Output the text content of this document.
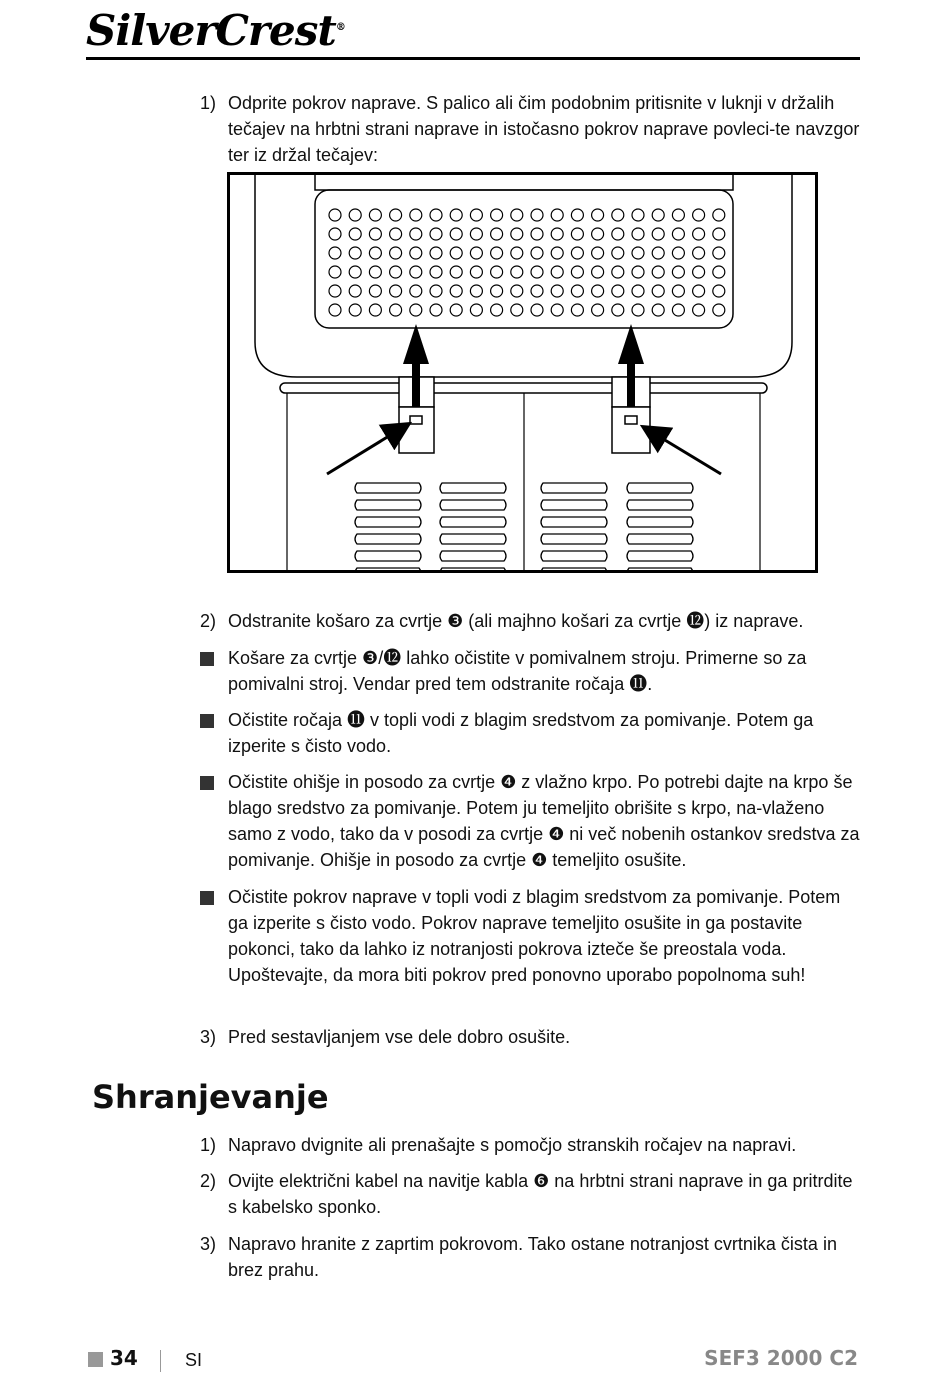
SilverCrest®
1) Odprite pokrov naprave. S palico ali čim podobnim pritisnite v luknji v držalih tečajev na hrbtni strani naprave in istočasno pokrov naprave povleci-te navzgor ter iz držal tečajev:
2) Odstranite košaro za cvrtje ❸ (ali majhno košari za cvrtje ⓬) iz naprave.
Košare za cvrtje ❸/⓬ lahko očistite v pomivalnem stroju. Primerne so za pomivalni stroj. Vendar pred tem odstranite ročaja ⓫.
Očistite ročaja ⓫ v topli vodi z blagim sredstvom za pomivanje. Potem ga izperite s čisto vodo.
Očistite ohišje in posodo za cvrtje ❹ z vlažno krpo. Po potrebi dajte na krpo še blago sredstvo za pomivanje. Potem ju temeljito obrišite s krpo, na-vlaženo samo z vodo, tako da v posodi za cvrtje ❹ ni več nobenih ostankov sredstva za pomivanje. Ohišje in posodo za cvrtje ❹ temeljito osušite.
Očistite pokrov naprave v topli vodi z blagim sredstvom za pomivanje. Potem ga izperite s čisto vodo. Pokrov naprave temeljito osušite in ga postavite pokonci, tako da lahko iz notranjosti pokrova izteče še preostala voda. Upoštevajte, da mora biti pokrov pred ponovno uporabo popolnoma suh!
3) Pred sestavljanjem vse dele dobro osušite.
Shranjevanje
1) Napravo dvignite ali prenašajte s pomočjo stranskih ročajev na napravi.
2) Ovijte električni kabel na navitje kabla ❻ na hrbtni strani naprave in ga pritrdite s kabelsko sponko.
3) Napravo hranite z zaprtim pokrovom. Tako ostane notranjost cvrtnika čista in brez prahu.
34	SI	SEF3 2000 C2
